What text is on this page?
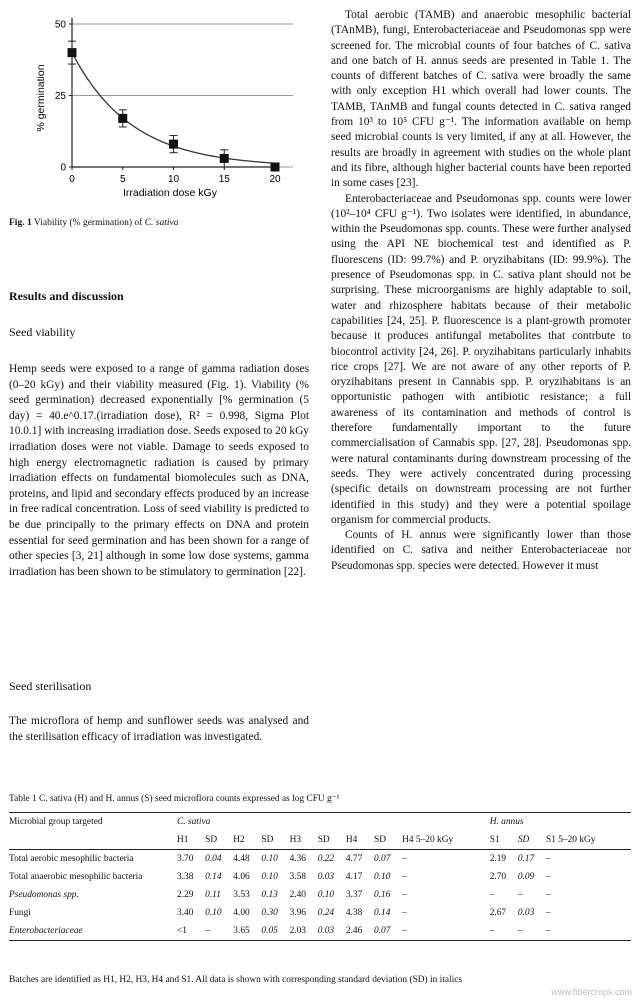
0	5	10	15	20
0
25
50
Irradiation dose kGy
% germination
Fig. 1 Viability (% germination) of C. sativa
Results and discussion
Seed viability

Hemp seeds were exposed to a range of gamma radiation doses (0–20 kGy) and their viability measured (Fig. 1). Viability (% seed germination) decreased exponentially [% germination (5 day) = 40.e^0.17.(irradiation dose), R² = 0.998, Sigma Plot 10.0.1] with increasing irradiation dose. Seeds exposed to 20 kGy irradiation doses were not viable. Damage to seeds exposed to high energy electromagnetic radiation is caused by primary irradiation effects on fundamental biomolecules such as DNA, proteins, and lipid and secondary effects produced by an increase in free radical concentration. Loss of seed viability is predicted to be due principally to the primary effects on DNA and protein essential for seed germination and has been shown for a range of other species [3, 21] although in some low dose systems, gamma irradiation has been shown to be stimulatory to germination [22].

Seed sterilisation

The microflora of hemp and sunflower seeds was analysed and the sterilisation efficacy of irradiation was investigated.

Total aerobic (TAMB) and anaerobic mesophilic bacterial (TAnMB), fungi, Enterobacteriaceae and Pseudomonas spp were screened for. The microbial counts of four batches of C. sativa and one batch of H. annus seeds are presented in Table 1. The counts of different batches of C. sativa were broadly the same with only exception H1 which overall had lower counts. The TAMB, TAnMB and fungal counts detected in C. sativa ranged from 10³ to 10⁵ CFU g⁻¹. The information available on hemp seed microbial counts is very limited, if any at all. However, the results are broadly in agreement with studies on the whole plant and its fibre, although higher bacterial counts have been reported in some cases [23].

Enterobacteriaceae and Pseudomonas spp. counts were lower (10²–10⁴ CFU g⁻¹). Two isolates were identified, in abundance, within the Pseudomonas spp. counts. These were further analysed using the API NE biochemical test and identified as P. fluorescens (ID: 99.7%) and P. oryzihabitans (ID: 99.9%). The presence of Pseudomonas spp. in C. sativa plant should not be surprising. These microorganisms are highly adaptable to soil, water and rhizosphere habitats because of their metabolic capabilities [24, 25]. P. fluorescence is a plant-growth promoter because it produces antifungal metabolites that contrbute to biocontrol activity [24, 26]. P. oryzihabitans particularly inhabits rice crops [27]. We are not aware of any other reports of P. oryzihabitans present in Cannabis spp. P. oryzihabitans is an opportunistic pathogen with antibiotic resistance; a full awareness of its contamination and methods of control is therefore fundamentally important to the future commercialisation of Cannabis spp. [27, 28]. Pseudomonas spp. were natural contaminants during downstream processing of the seeds. They were actively concentrated during processing (specific details on downstream processing are not further identified in this study) and they were a potential spoilage organism for commercial products.

Counts of H. annus were significantly lower than those identified on C. sativa and neither Enterobacteriaceae nor Pseudomonas spp. species were detected. However it must

Table 1 C. sativa (H) and H. annus (S) seed microflora counts expressed as log CFU g⁻¹
Microbial group targeted	C. sativa									H. annus		
	H1	SD	H2	SD	H3	SD	H4	SD	H4 5–20 kGy	S1	SD	S1 5–20 kGy
Total aerobic mesophilic bacteria	3.70	0.04	4.48	0.10	4.36	0.22	4.77	0.07	–	2.19	0.17	–
Total anaerobic mesophilic bacteria	3.38	0.14	4.06	0.10	3.58	0.03	4.17	0.10	–	2.70	0.09	–
Pseudomonas spp.	2.29	0.11	3.53	0.13	2.40	0.10	3.37	0.16	–	–	–	–
Fungi	3.40	0.10	4.00	0.30	3.96	0.24	4.38	0.14	–	2.67	0.03	–
Enterobacteriaceae	<1	–	3.65	0.05	2.03	0.03	2.46	0.07	–	–	–	–
Batches are identified as H1, H2, H3, H4 and S1. All data is shown with corresponding standard deviation (SD) in italics
www.fibercrops.com
